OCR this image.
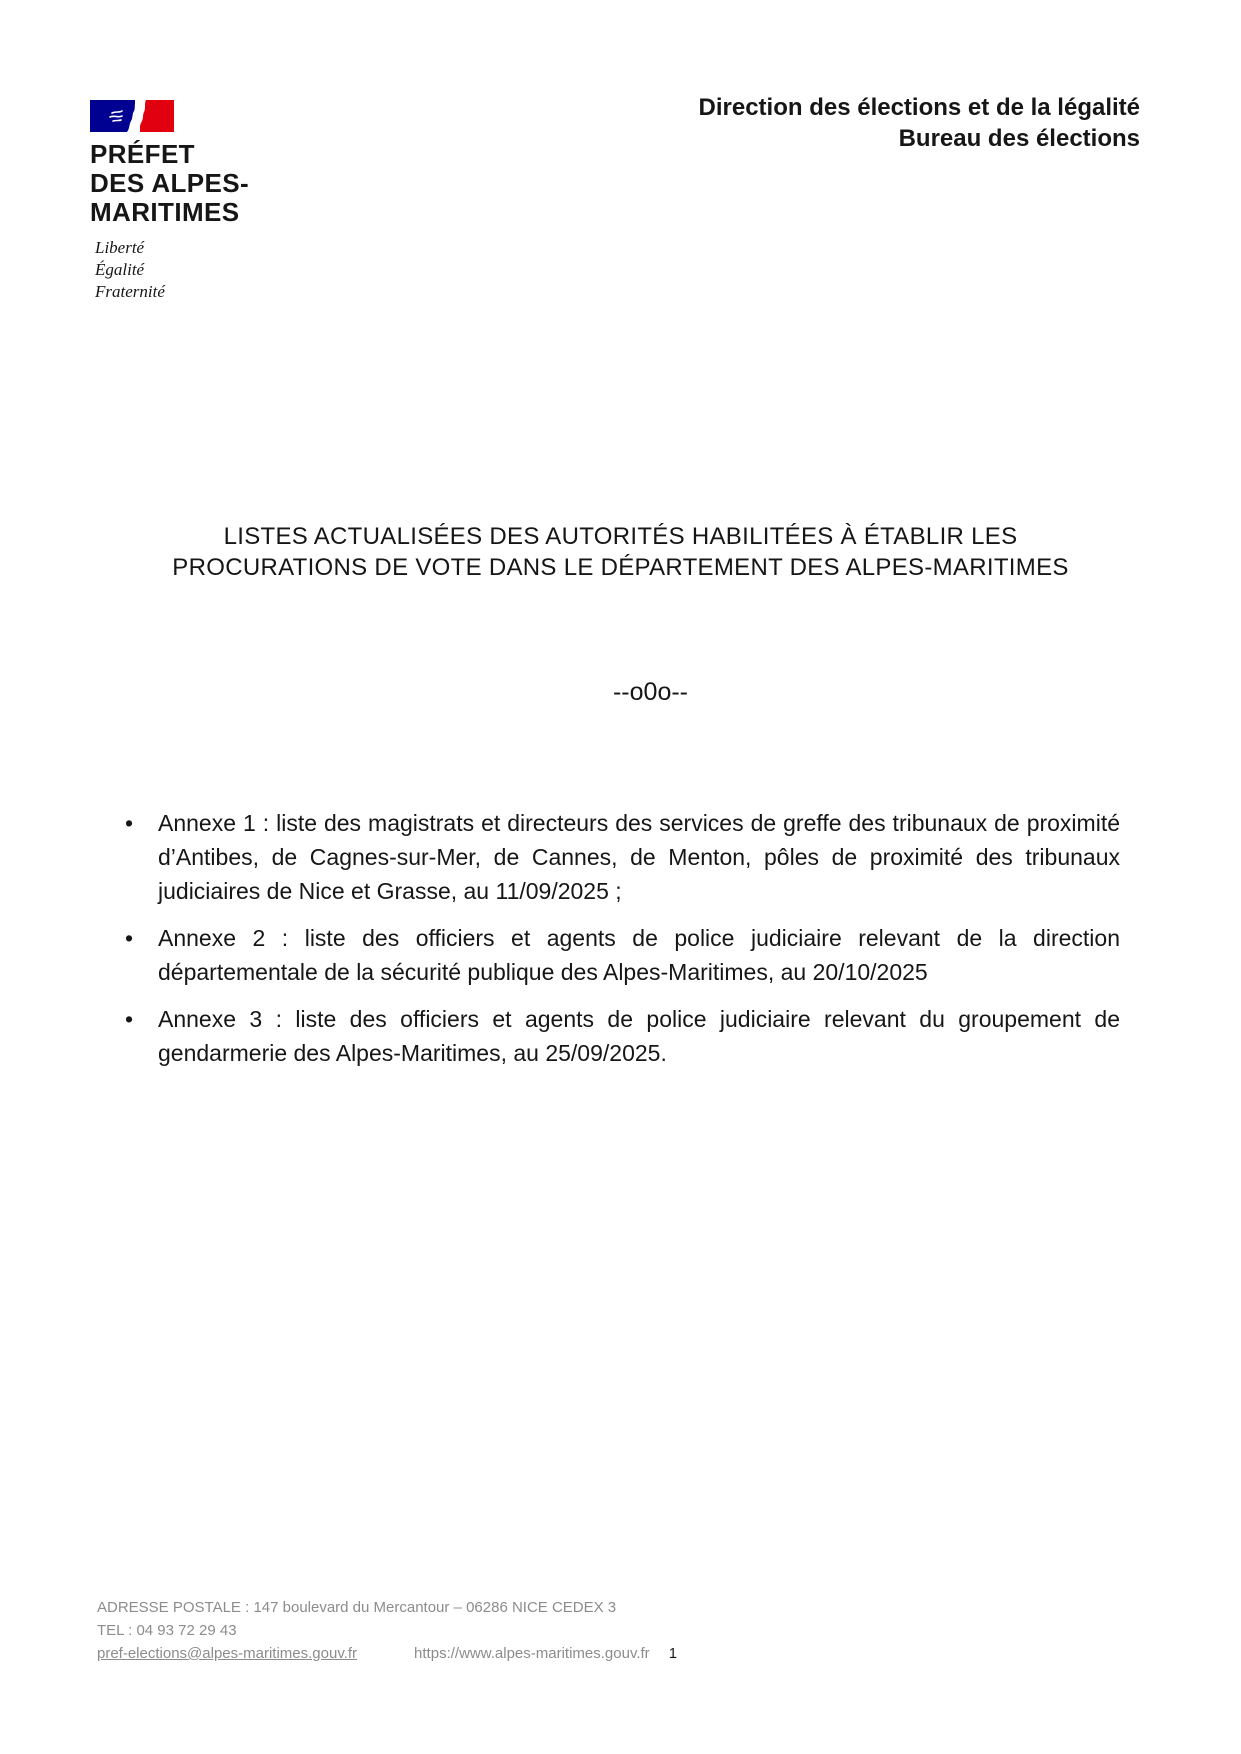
PRÉFET
DES ALPES-
MARITIMES
Liberté
Égalité
Fraternité
Direction des élections et de la légalité
Bureau des élections
LISTES ACTUALISÉES DES AUTORITÉS HABILITÉES À ÉTABLIR LES
PROCURATIONS DE VOTE DANS LE DÉPARTEMENT DES ALPES-MARITIMES
--o0o--
•	Annexe 1 : liste des magistrats et directeurs des services de greffe des tribunaux de proximité d’Antibes, de Cagnes-sur-Mer, de Cannes, de Menton, pôles de proximité des tribunaux judiciaires de Nice et Grasse, au 11/09/2025 ;
•	Annexe 2 : liste des officiers et agents de police judiciaire relevant de la direction départementale de la sécurité publique des Alpes-Maritimes, au 20/10/2025
•	Annexe 3 : liste des officiers et agents de police judiciaire relevant du groupement de gendarmerie des Alpes-Maritimes, au 25/09/2025.
ADRESSE POSTALE : 147 boulevard du Mercantour – 06286 NICE CEDEX 3
TEL : 04 93 72 29 43
pref-elections@alpes-maritimes.gouv.fr	https://www.alpes-maritimes.gouv.fr 1
